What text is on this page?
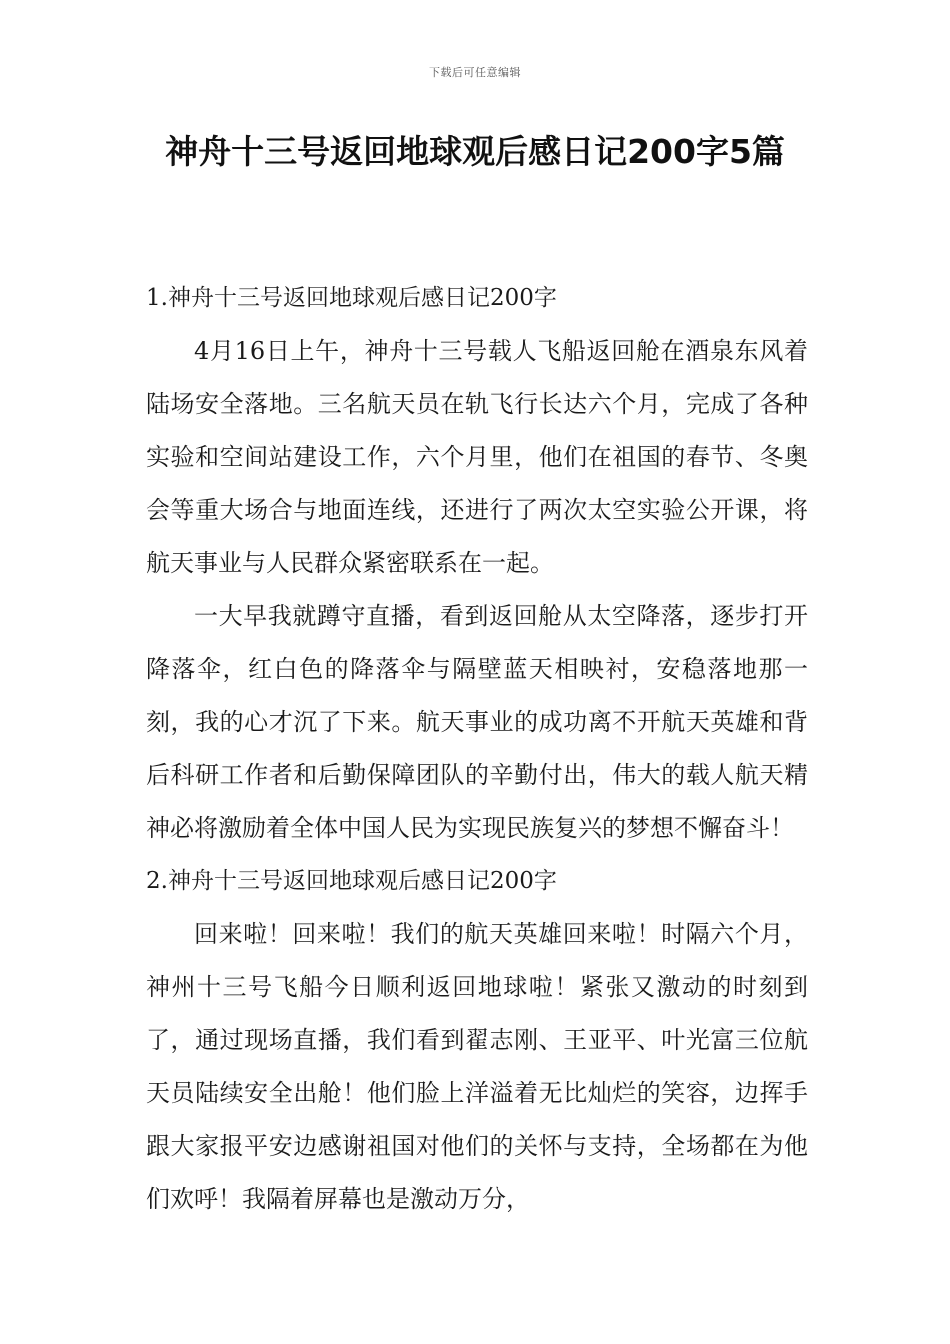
下载后可任意编辑
神舟十三号返回地球观后感日记200字5篇
1.神舟十三号返回地球观后感日记200字

4月16日上午，神舟十三号载人飞船返回舱在酒泉东风着陆场安全落地。三名航天员在轨飞行长达六个月，完成了各种实验和空间站建设工作，六个月里，他们在祖国的春节、冬奥会等重大场合与地面连线，还进行了两次太空实验公开课，将航天事业与人民群众紧密联系在一起。

一大早我就蹲守直播，看到返回舱从太空降落，逐步打开降落伞，红白色的降落伞与隔壁蓝天相映衬，安稳落地那一刻，我的心才沉了下来。航天事业的成功离不开航天英雄和背后科研工作者和后勤保障团队的辛勤付出，伟大的载人航天精神必将激励着全体中国人民为实现民族复兴的梦想不懈奋斗！

2.神舟十三号返回地球观后感日记200字

回来啦！回来啦！我们的航天英雄回来啦！时隔六个月，神州十三号飞船今日顺利返回地球啦！紧张又激动的时刻到了，通过现场直播，我们看到翟志刚、王亚平、叶光富三位航天员陆续安全出舱！他们脸上洋溢着无比灿烂的笑容，边挥手跟大家报平安边感谢祖国对他们的关怀与支持，全场都在为他们欢呼！我隔着屏幕也是激动万分，
